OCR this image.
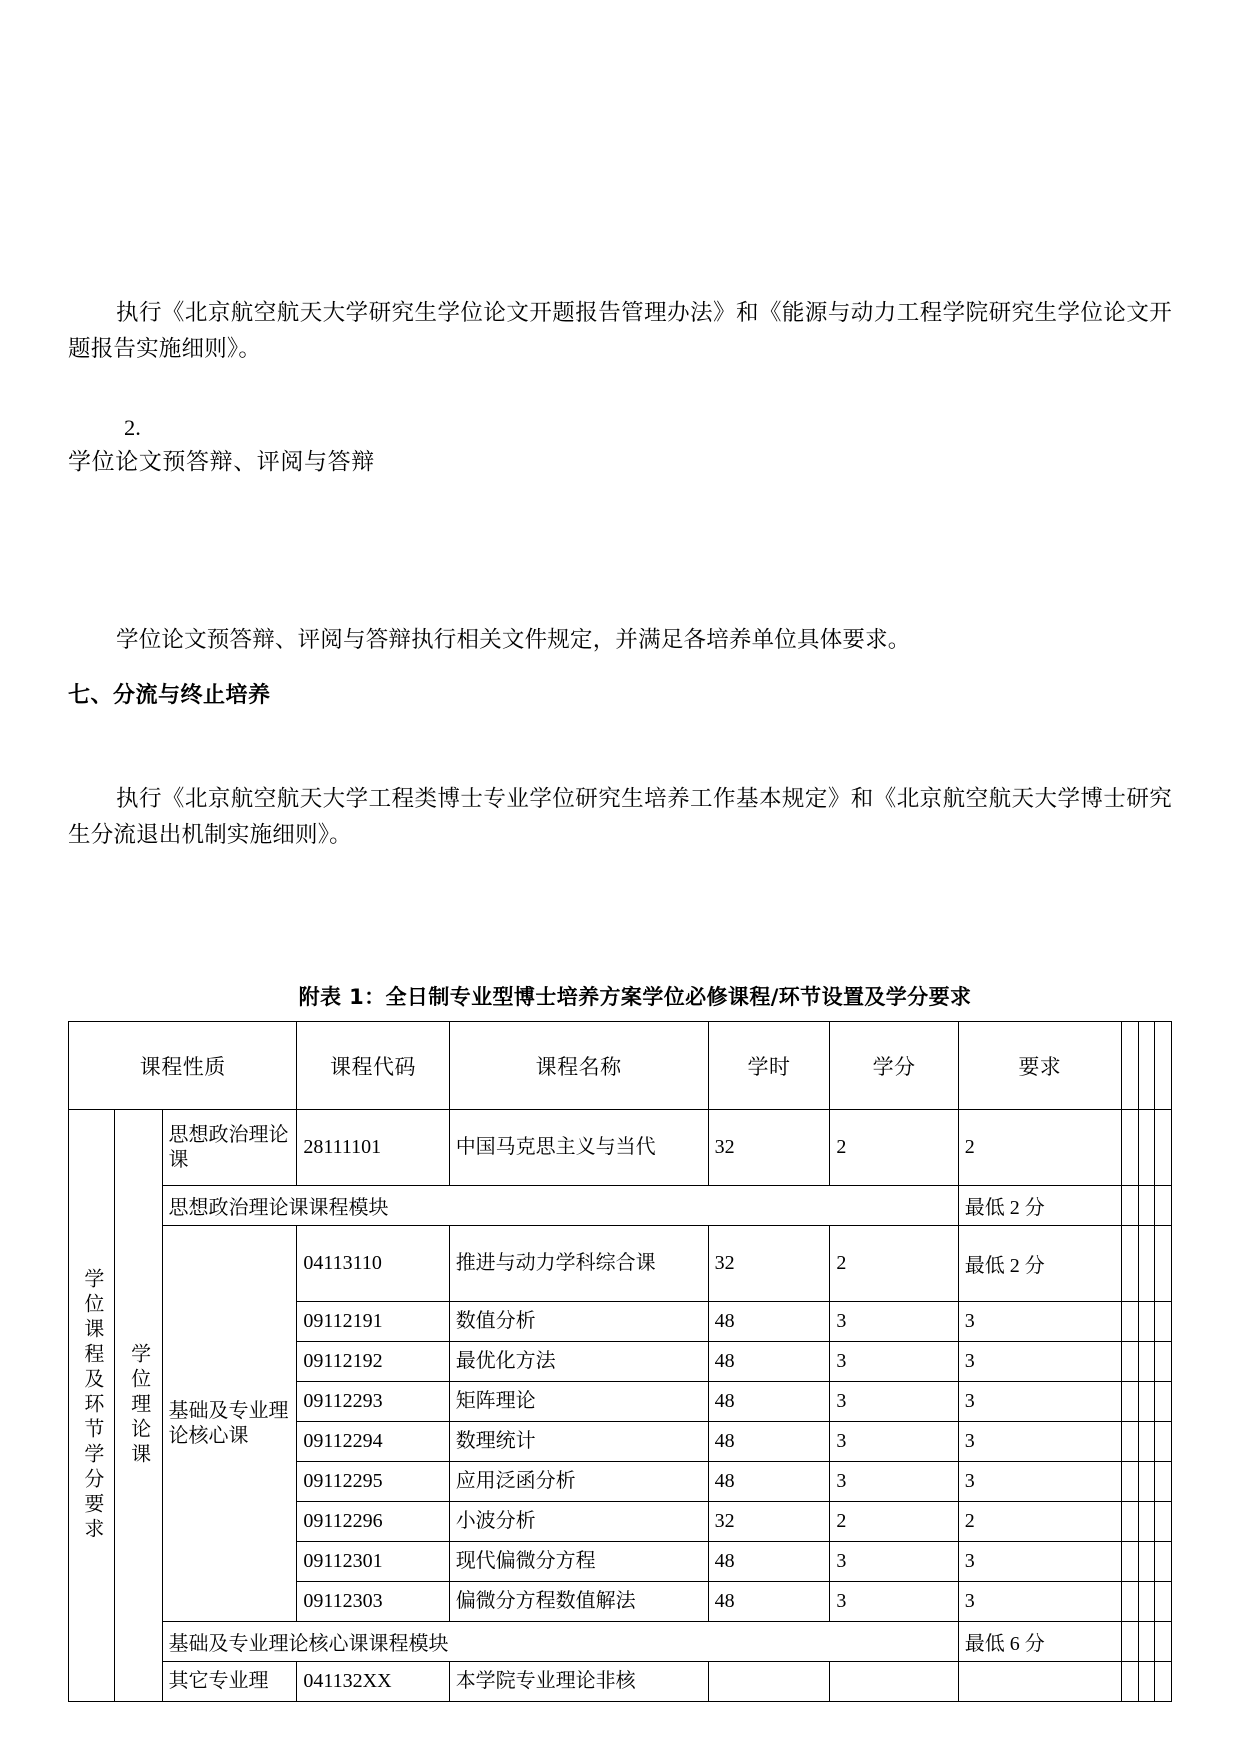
执行《北京航空航天大学研究生学位论文开题报告管理办法》和《能源与动力工程学院研究生学位论文开题报告实施细则》。

2.
学位论文预答辩、评阅与答辩

学位论文预答辩、评阅与答辩执行相关文件规定，并满足各培养单位具体要求。

七、分流与终止培养

执行《北京航空航天大学工程类博士专业学位研究生培养工作基本规定》和《北京航空航天大学博士研究生分流退出机制实施细则》。

附表 1：全日制专业型博士培养方案学位必修课程/环节设置及学分要求
课程性质			课程代码	课程名称	学时	学分	要求			
学位课程及环节学分要求	学位理论课	思想政治理论课	28111101	中国马克思主义与当代	32	2	2			
		思想政治理论课课程模块					最低 2 分			
		基础及专业理论核心课	04113110	推进与动力学科综合课	32	2	最低 2 分			
			09112191	数值分析	48	3	3			
			09112192	最优化方法	48	3	3			
			09112293	矩阵理论	48	3	3			
			09112294	数理统计	48	3	3			
			09112295	应用泛函分析	48	3	3			
			09112296	小波分析	32	2	2			
			09112301	现代偏微分方程	48	3	3			
			09112303	偏微分方程数值解法	48	3	3			
		基础及专业理论核心课课程模块					最低 6 分			
		其它专业理	041132XX	本学院专业理论非核						
